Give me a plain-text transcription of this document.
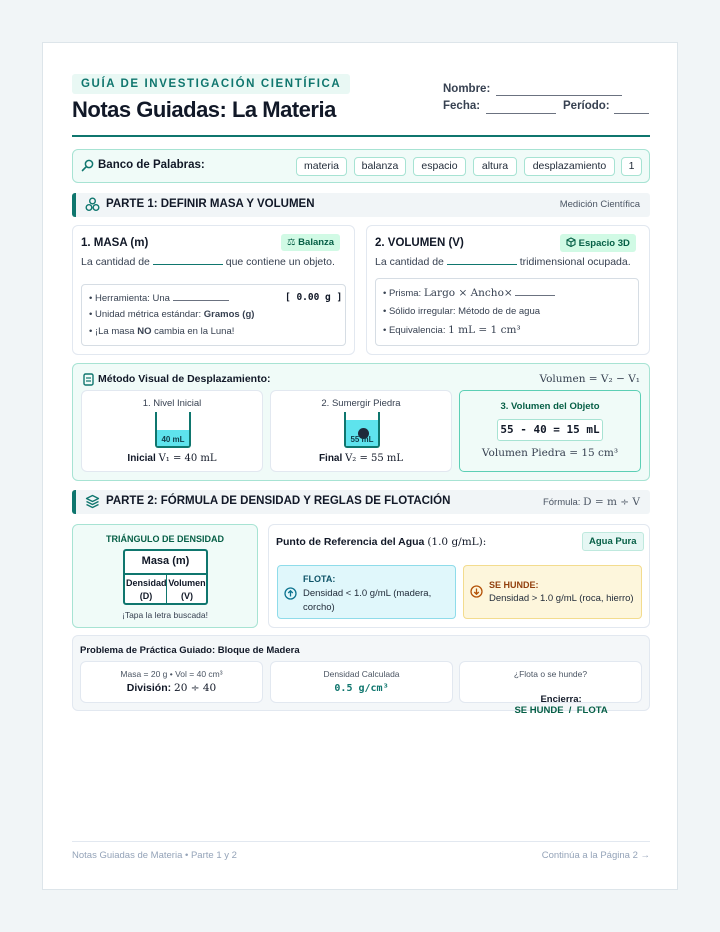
GUÍA DE INVESTIGACIÓN CIENTÍFICA
Notas Guiadas: La Materia
Nombre:
Fecha:	Período:
Banco de Palabras:	materia	balanza	espacio	altura	desplazamiento	1
PARTE 1: DEFINIR MASA Y VOLUMEN	Medición Científica
1. MASA (m)	⚖ Balanza
La cantidad de	que contiene un objeto.
• Herramienta: Una	[ 0.00 g ]
• Unidad métrica estándar: Gramos (g)
• ¡La masa NO cambia en la Luna!
2. VOLUMEN (V)	Espacio 3D
La cantidad de	tridimensional ocupada.
• Prisma: Largo × Ancho×
• Sólido irregular: Método de de agua
• Equivalencia: 1 mL = 1 cm³
Método Visual de Desplazamiento:	Volumen = V₂ − V₁
1. Nivel Inicial
40 mL
Inicial V₁ = 40 mL
2. Sumergir Piedra
55 mL
Final V₂ = 55 mL
3. Volumen del Objeto
55 - 40 = 15 mL
Volumen Piedra = 15 cm³
PARTE 2: FÓRMULA DE DENSIDAD Y REGLAS DE FLOTACIÓN	Fórmula: D = m ÷ V
TRIÁNGULO DE DENSIDAD
Masa (m)
Densidad
(D)
Volumen
(V)
¡Tapa la letra buscada!
Punto de Referencia del Agua (1.0 g/mL):	Agua Pura
FLOTA:
Densidad < 1.0 g/mL (madera, corcho)
SE HUNDE:
Densidad > 1.0 g/mL (roca, hierro)
Problema de Práctica Guiado: Bloque de Madera
Masa = 20 g • Vol = 40 cm³
División: 20 ÷ 40
Densidad Calculada
0.5 g/cm³
¿Flota o se hunde?

Encierra:
SE HUNDE  /  FLOTA

Notas Guiadas de Materia • Parte 1 y 2	Continúa a la Página 2 →
